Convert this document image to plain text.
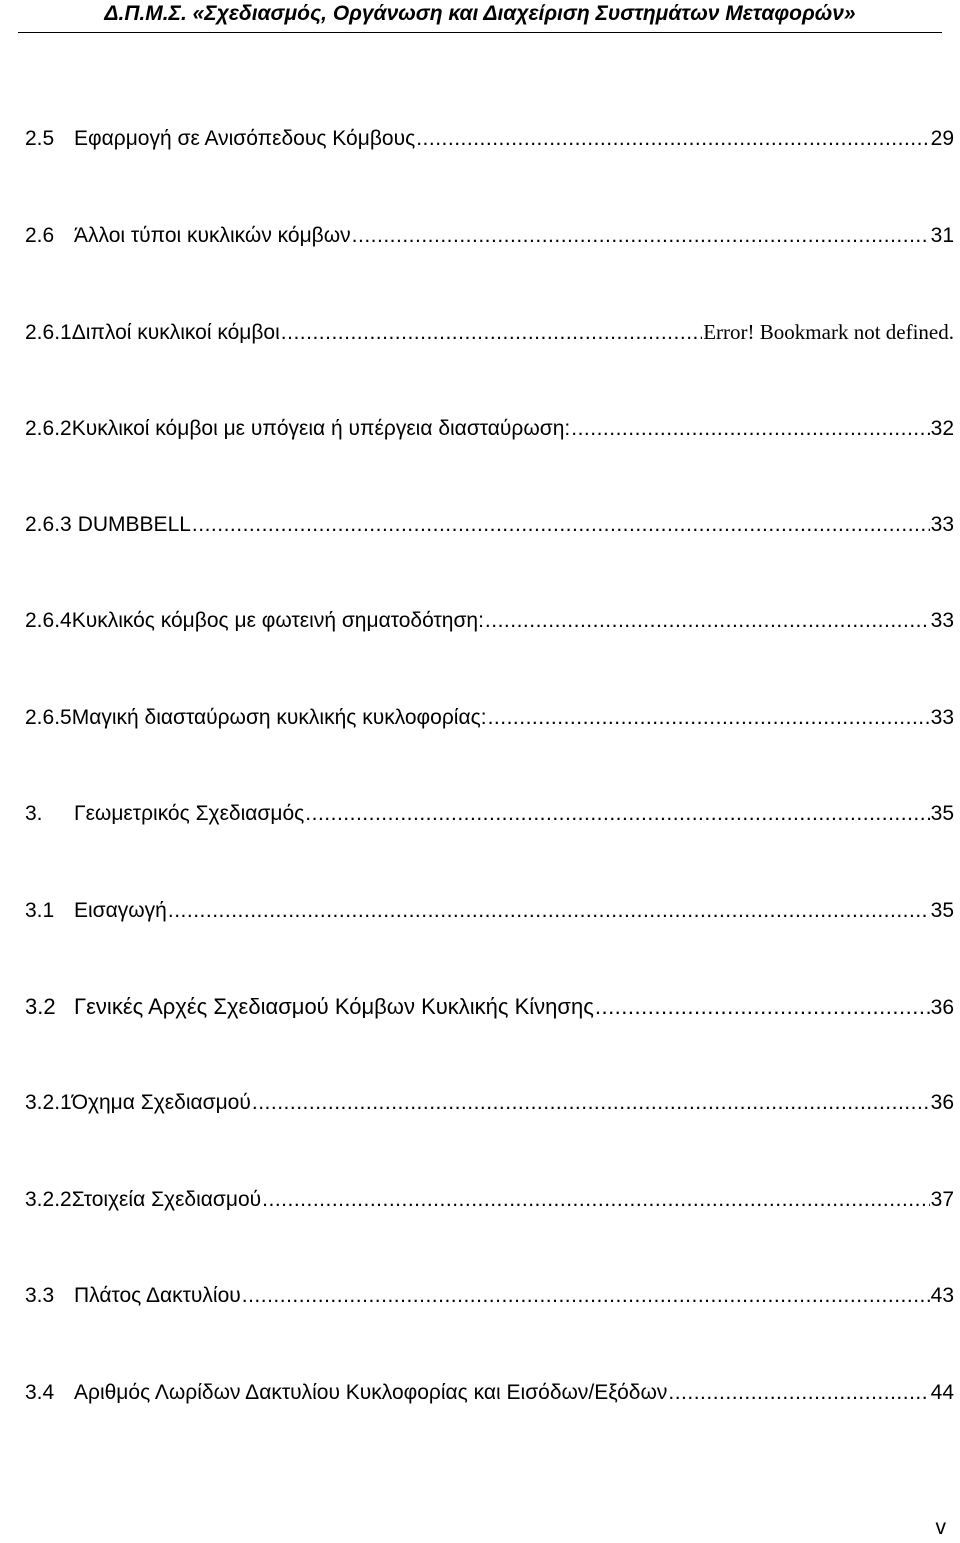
Δ.Π.Μ.Σ. «Σχεδιασμός, Οργάνωση και Διαχείριση Συστημάτων Μεταφορών»
2.5 Εφαρμογή σε Ανισόπεδους Κόμβους .....	29
2.6 Άλλοι τύποι κυκλικών κόμβων .....	31
2.6.1 Διπλοί κυκλικοί κόμβοι .....	Error! Bookmark not defined.
2.6.2 Κυκλικοί κόμβοι με υπόγεια ή υπέργεια διασταύρωση: .....	32
2.6.3 DUMBBELL .....	33
2.6.4 Κυκλικός κόμβος με φωτεινή σηματοδότηση: .....	33
2.6.5 Μαγική διασταύρωση κυκλικής κυκλοφορίας: .....	33
3.	Γεωμετρικός Σχεδιασμός .....	35
3.1 Εισαγωγή .....	35
3.2 Γενικές Αρχές Σχεδιασμού Κόμβων Κυκλικής Κίνησης .....	36
3.2.1 Όχημα Σχεδιασμού .....	36
3.2.2 Στοιχεία Σχεδιασμού .....	37
3.3 Πλάτος Δακτυλίου .....	43
3.4 Αριθμός Λωρίδων Δακτυλίου Κυκλοφορίας και Εισόδων/Εξόδων .....	44
v
